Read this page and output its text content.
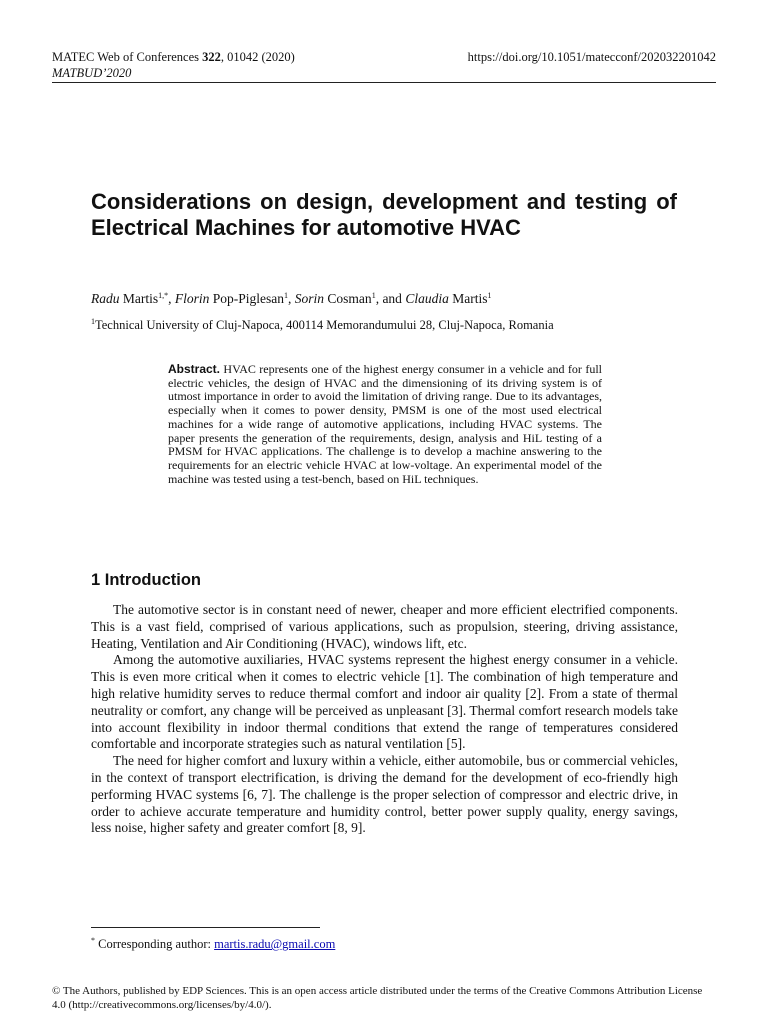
MATEC Web of Conferences 322, 01042 (2020)
MATBUD’2020
https://doi.org/10.1051/matecconf/202032201042
Considerations on design, development and testing of Electrical Machines for automotive HVAC
Radu Martis$^{1,*}$, Florin Pop-Piglesan$^1$, Sorin Cosman$^1$, and Claudia Martis$^1$
$^1$Technical University of Cluj-Napoca, 400114 Memorandumului 28, Cluj-Napoca, Romania
Abstract. HVAC represents one of the highest energy consumer in a vehicle and for full electric vehicles, the design of HVAC and the dimensioning of its driving system is of utmost importance in order to avoid the limitation of driving range. Due to its advantages, especially when it comes to power density, PMSM is one of the most used electrical machines for a wide range of automotive applications, including HVAC systems. The paper presents the generation of the requirements, design, analysis and HiL testing of a PMSM for HVAC applications. The challenge is to develop a machine answering to the requirements for an electric vehicle HVAC at low-voltage. An experimental model of the machine was tested using a test-bench, based on HiL techniques.
1 Introduction

The automotive sector is in constant need of newer, cheaper and more efficient electrified components. This is a vast field, comprised of various applications, such as propulsion, steering, driving assistance, Heating, Ventilation and Air Conditioning (HVAC), windows lift, etc.

Among the automotive auxiliaries, HVAC systems represent the highest energy consumer in a vehicle. This is even more critical when it comes to electric vehicle [1]. The combination of high temperature and high relative humidity serves to reduce thermal comfort and indoor air quality [2]. From a state of thermal neutrality or comfort, any change will be perceived as unpleasant [3]. Thermal comfort research models take into account flexibility in indoor thermal conditions that extend the range of temperatures considered comfortable and incorporate strategies such as natural ventilation [5].

The need for higher comfort and luxury within a vehicle, either automobile, bus or commercial vehicles, in the context of transport electrification, is driving the demand for the development of eco-friendly high performing HVAC systems [6, 7]. The challenge is the proper selection of compressor and electric drive, in order to achieve accurate temperature and humidity control, better power supply quality, energy savings, less noise, higher safety and greater comfort [8, 9].

* Corresponding author: martis.radu@gmail.com
© The Authors, published by EDP Sciences. This is an open access article distributed under the terms of the Creative Commons Attribution License 4.0 (http://creativecommons.org/licenses/by/4.0/).
